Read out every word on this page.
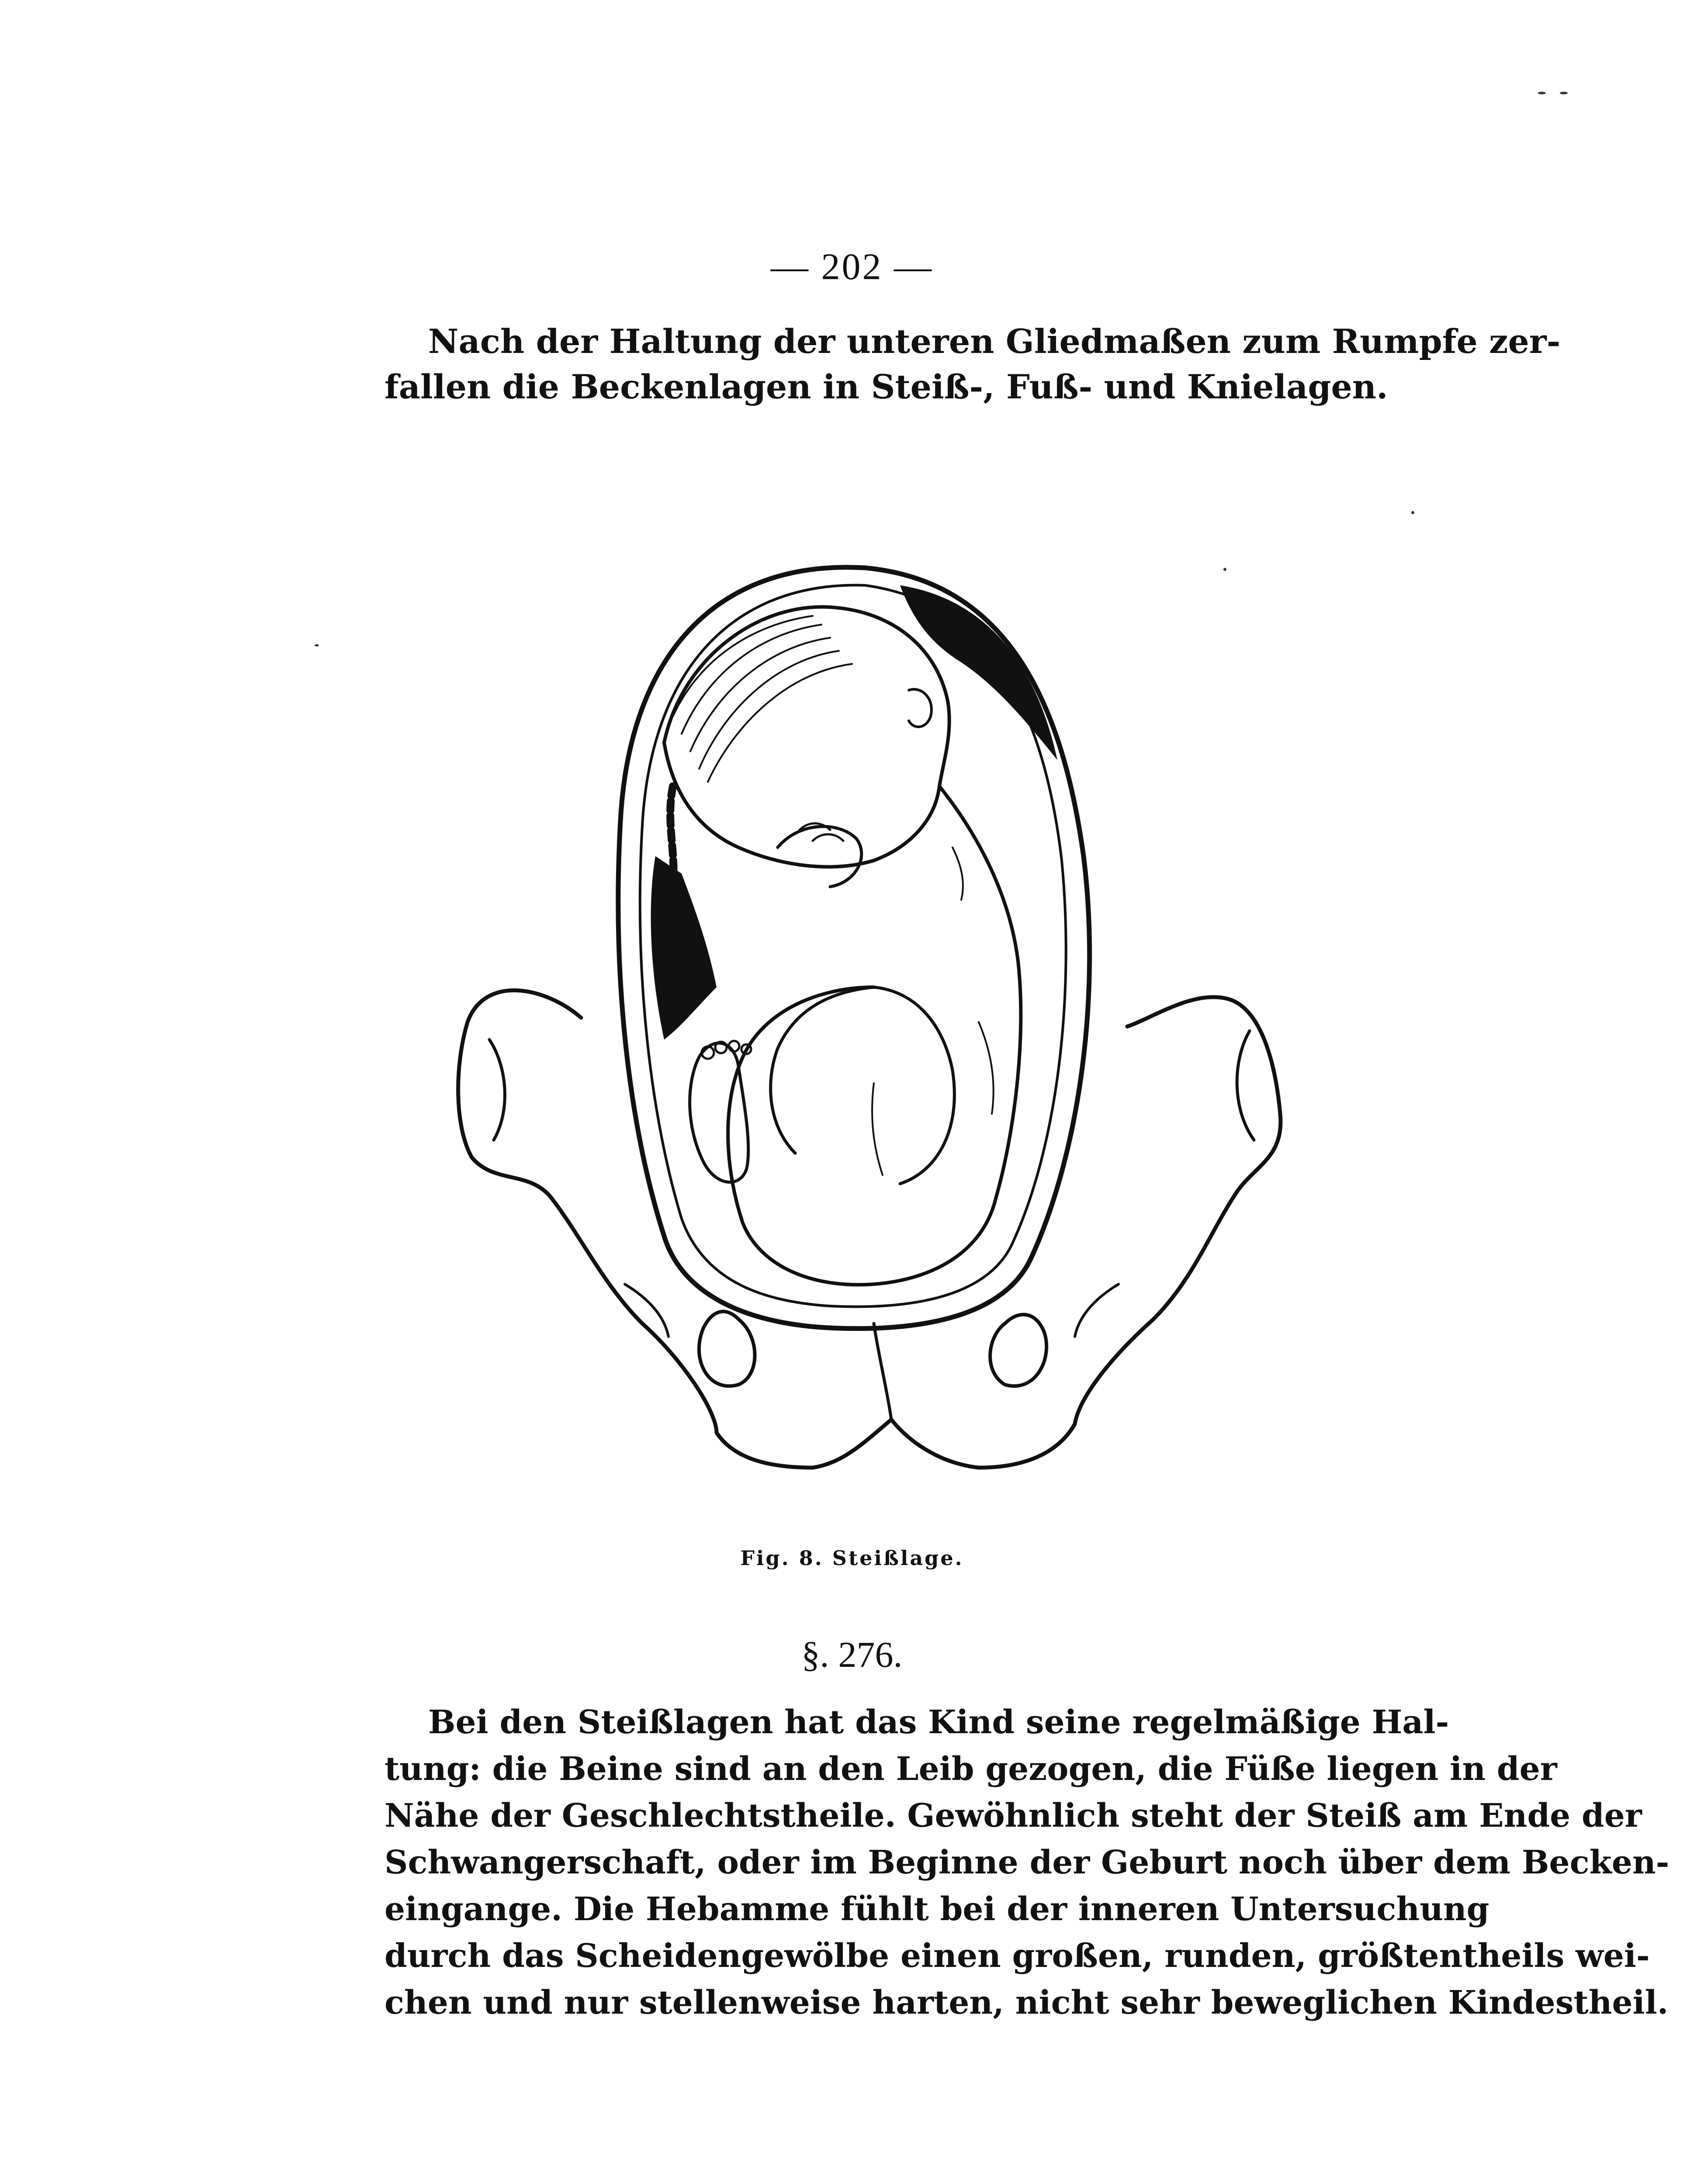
— 202 —
Nach der Haltung der unteren Gliedmaßen zum Rumpfe zer-
fallen die Beckenlagen in Steiß-, Fuß- und Knielagen.
Fig. 8. Steißlage.
§. 276.
Bei den Steißlagen hat das Kind seine regelmäßige Hal-
tung: die Beine sind an den Leib gezogen, die Füße liegen in der
Nähe der Geschlechtstheile. Gewöhnlich steht der Steiß am Ende der
Schwangerschaft, oder im Beginne der Geburt noch über dem Becken-
eingange. Die Hebamme fühlt bei der inneren Untersuchung
durch das Scheidengewölbe einen großen, runden, größtentheils wei-
chen und nur stellenweise harten, nicht sehr beweglichen Kindestheil.
